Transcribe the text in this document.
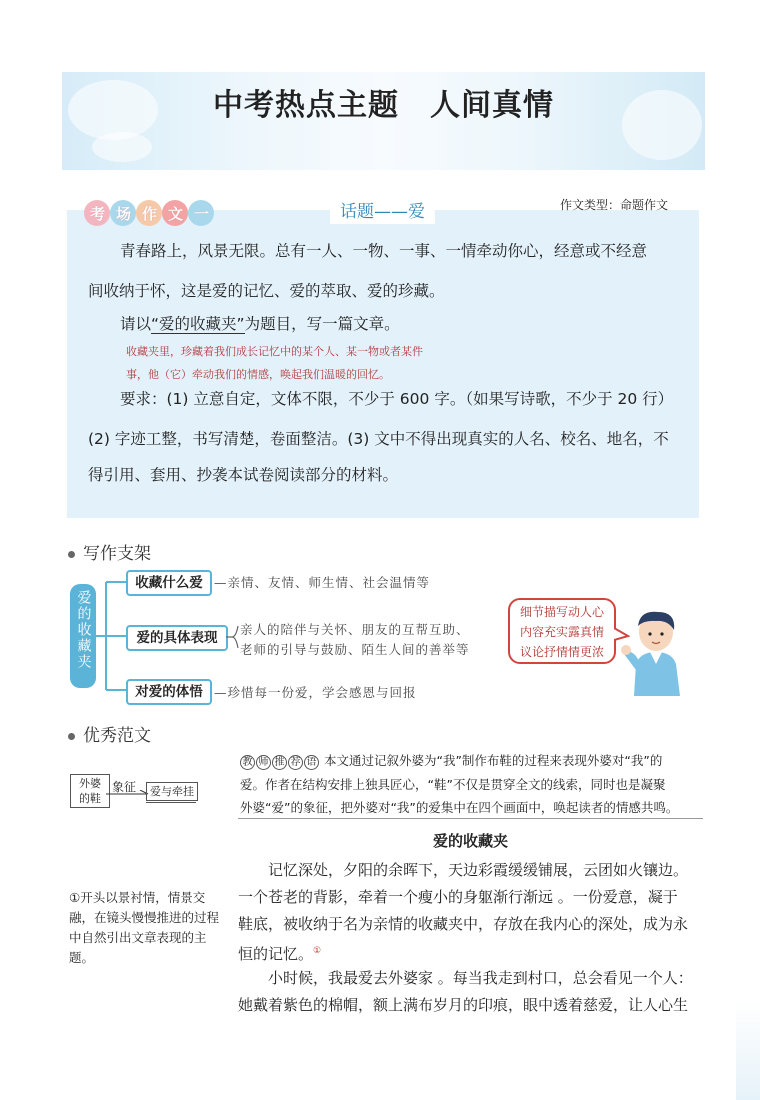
中考热点主题　人间真情
考场作文一	话题——爱	作文类型：命题作文
青春路上，风景无限。总有一人、一物、一事、一情牵动你心，经意或不经意
间收纳于怀，这是爱的记忆、爱的萃取、爱的珍藏。
请以“爱的收藏夹”为题目，写一篇文章。
收藏夹里，珍藏着我们成长记忆中的某个人、某一物或者某件
事，他（它）牵动我们的情感，唤起我们温暖的回忆。
要求：(1) 立意自定，文体不限，不少于 600 字。（如果写诗歌，不少于 20 行）
(2) 字迹工整，书写清楚，卷面整洁。(3) 文中不得出现真实的人名、校名、地名，不
得引用、套用、抄袭本试卷阅读部分的材料。
写作支架
爱的收藏夹
收藏什么爱 —亲情、友情、师生情、社会温情等
爱的具体表现
亲人的陪伴与关怀、朋友的互帮互助、
老师的引导与鼓励、陌生人间的善举等
对爱的体悟 —珍惜每一份爱，学会感恩与回报
细节描写动人心
内容充实露真情
议论抒情情更浓
优秀范文
外婆的鞋
象征	爱与牵挂
教 师 推 荐 语 本文通过记叙外婆为“我”制作布鞋的过程来表现外婆对“我”的
爱。作者在结构安排上独具匠心，“鞋”不仅是贯穿全文的线索，同时也是凝聚
外婆“爱”的象征，把外婆对“我”的爱集中在四个画面中，唤起读者的情感共鸣。
爱的收藏夹
记忆深处，夕阳的余晖下，天边彩霞缓缓铺展，云团如火镶边。
一个苍老的背影，牵着一个瘦小的身躯渐行渐远 。一份爱意，凝于
鞋底，被收纳于名为亲情的收藏夹中，存放在我内心的深处，成为永
恒的记忆。①
小时候，我最爱去外婆家 。每当我走到村口，总会看见一个人：
她戴着紫色的棉帽，额上满布岁月的印痕，眼中透着慈爱，让人心生
①开头以景衬情，情景交融，在镜头慢慢推进的过程中自然引出文章表现的主题。
